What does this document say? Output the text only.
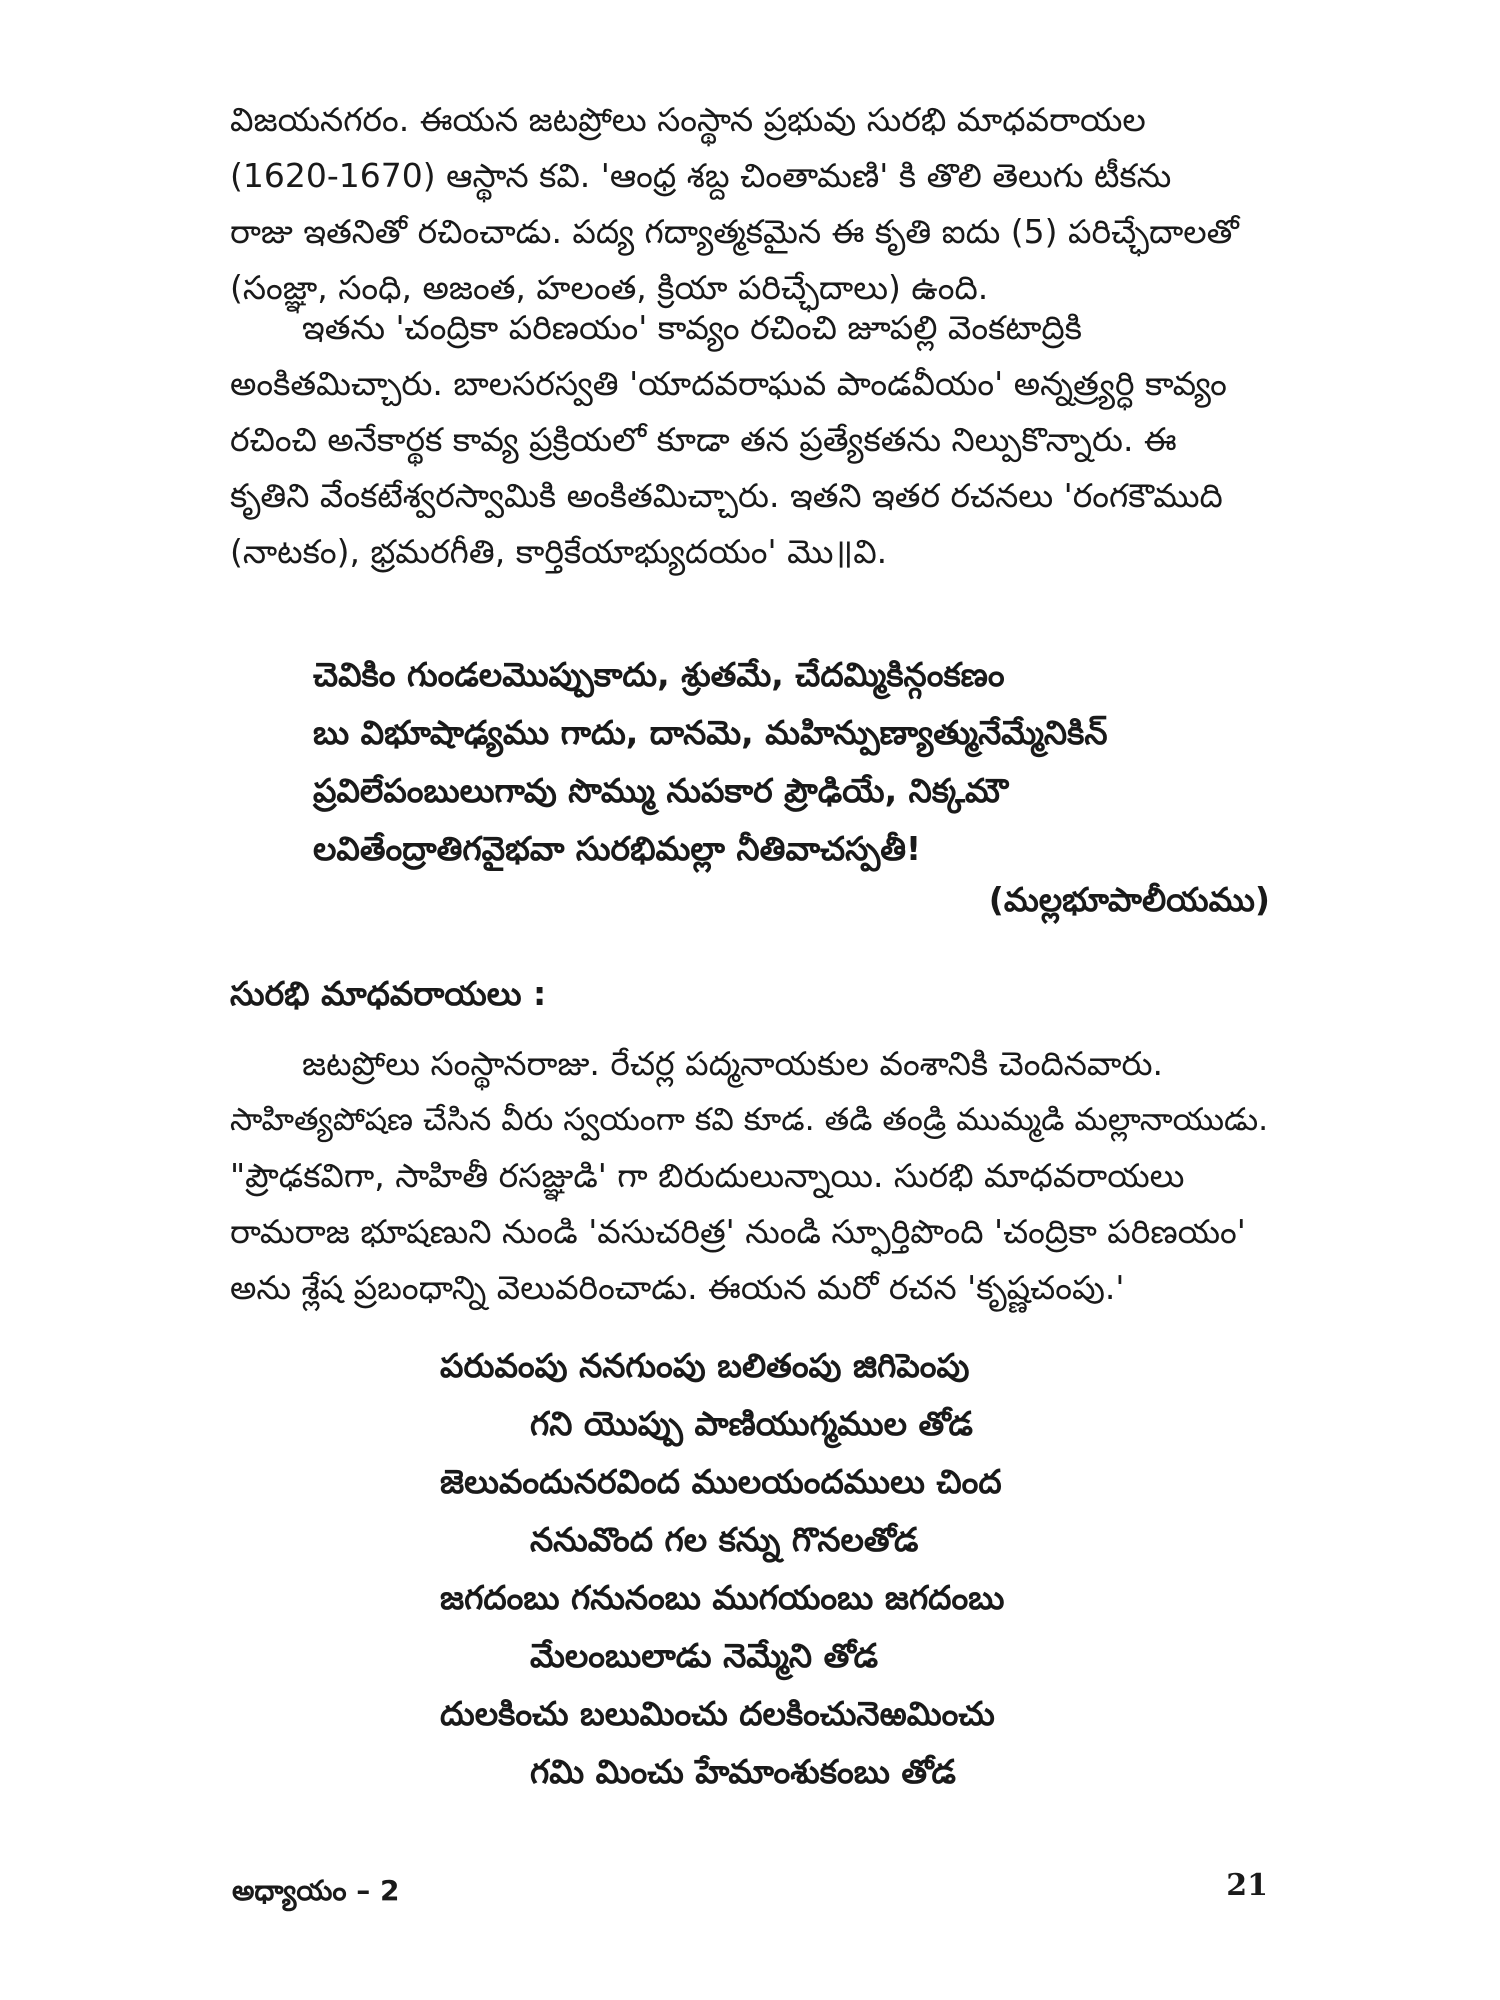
విజయనగరం. ఈయన జటప్రోలు సంస్థాన ప్రభువు సురభి మాధవరాయల
(1620-1670) ఆస్థాన కవి. 'ఆంధ్ర శబ్ద చింతామణి' కి తొలి తెలుగు టీకను
రాజు ఇతనితో రచించాడు. పద్య గద్యాత్మకమైన ఈ కృతి ఐదు (5) పరిచ్ఛేదాలతో
(సంజ్ఞా, సంధి, అజంత, హలంత, క్రియా పరిచ్ఛేదాలు) ఉంది.
ఇతను 'చంద్రికా పరిణయం' కావ్యం రచించి జూపల్లి వెంకటాద్రికి
అంకితమిచ్చారు. బాలసరస్వతి 'యాదవరాఘవ పాండవీయం' అన్నత్ర్యర్ధి కావ్యం
రచించి అనేకార్థక కావ్య ప్రక్రియలో కూడా తన ప్రత్యేకతను నిల్పుకొన్నారు. ఈ
కృతిని వేంకటేశ్వరస్వామికి అంకితమిచ్చారు. ఇతని ఇతర రచనలు 'రంగకౌముది
(నాటకం), భ్రమరగీతి, కార్తికేయాభ్యుదయం' మొ॥వి.
చెవికిం గుండలమొప్పుకాదు, శ్రుతమే, చేదమ్మికిన్గంకణం
బు విభూషాఢ్యము గాదు, దానమె, మహిన్పుణ్యాత్మునేమ్మేనికిన్
ప్రవిలేపంబులుగావు సొమ్ము నుపకార ప్రౌఢియే, నిక్కమౌ
లవితేంద్రాతిగవైభవా సురభిమల్లా నీతివాచస్పతీ!
(మల్లభూపాలీయము)
సురభి మాధవరాయలు :
జటప్రోలు సంస్థానరాజు. రేచర్ల పద్మనాయకుల వంశానికి చెందినవారు.
సాహిత్యపోషణ చేసిన వీరు స్వయంగా కవి కూడ. తడి తండ్రి ముమ్మడి మల్లానాయుడు.
"ప్రౌఢకవిగా, సాహితీ రసజ్ఞుడి' గా బిరుదులున్నాయి. సురభి మాధవరాయలు
రామరాజ భూషణుని నుండి 'వసుచరిత్ర' నుండి స్ఫూర్తిపొంది 'చంద్రికా పరిణయం'
అను శ్లేష ప్రబంధాన్ని వెలువరించాడు. ఈయన మరో రచన 'కృష్ణచంపు.'
పరువంపు ననగుంపు బలితంపు జిగిపెంపు
గని యొప్పు పాణియుగ్మముల తోడ
జెలువందునరవింద ములయందములు చింద
ననువొంద గల కన్ను గొనలతోడ
జగదంబు గనునంబు ముగయంబు జగదంబు
మేలంబులాడు నెమ్మేని తోడ
దులకించు బలుమించు దలకించునెఱమించు
గమి మించు హేమాంశుకంబు తోడ
అధ్యాయం – 2	21
